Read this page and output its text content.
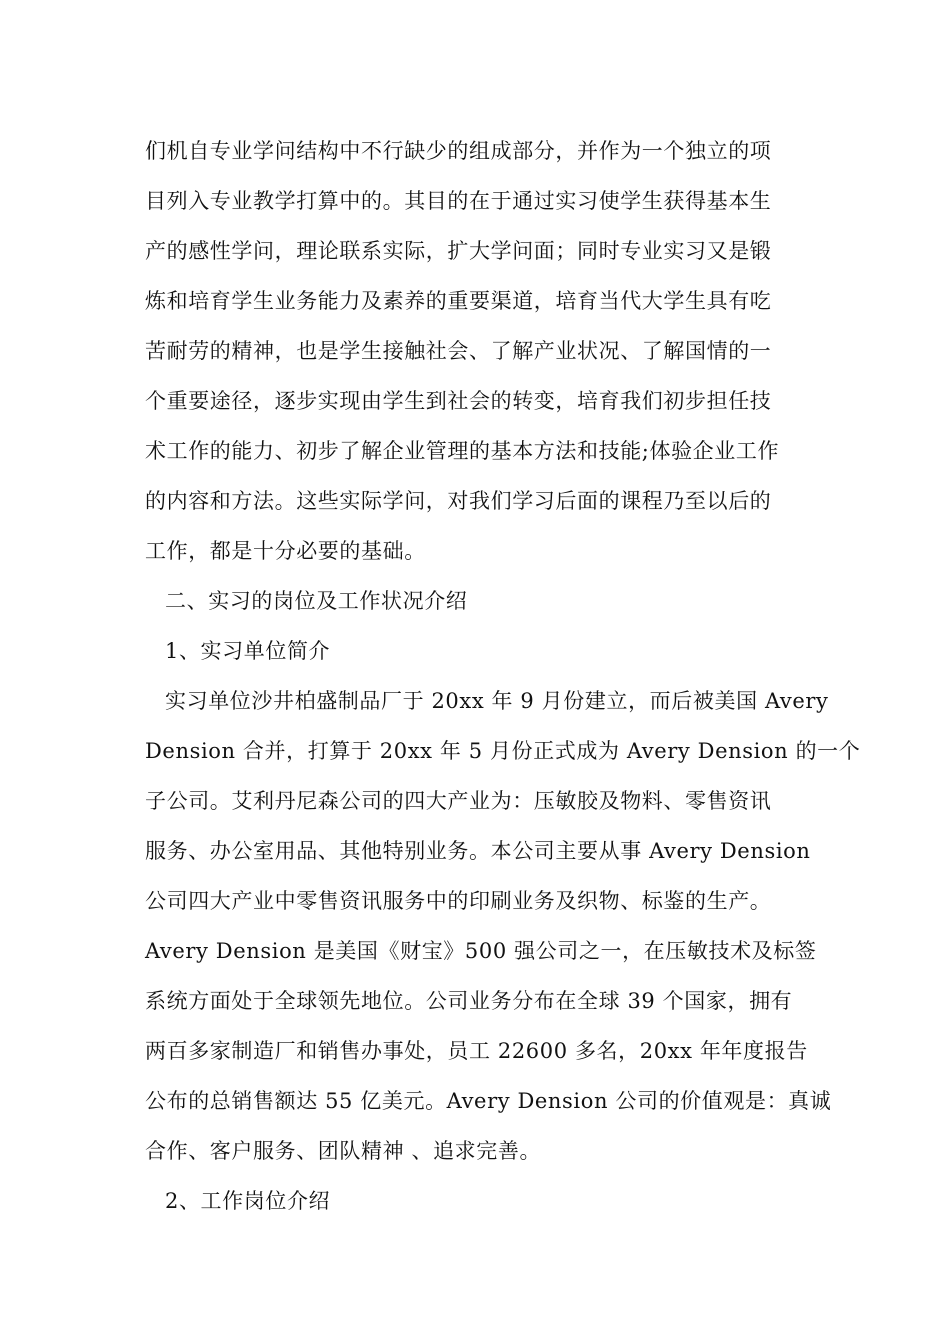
们机自专业学问结构中不行缺少的组成部分，并作为一个独立的项
目列入专业教学打算中的。其目的在于通过实习使学生获得基本生
产的感性学问，理论联系实际，扩大学问面；同时专业实习又是锻
炼和培育学生业务能力及素养的重要渠道，培育当代大学生具有吃
苦耐劳的精神，也是学生接触社会、了解产业状况、了解国情的一
个重要途径，逐步实现由学生到社会的转变，培育我们初步担任技
术工作的能力、初步了解企业管理的基本方法和技能;体验企业工作
的内容和方法。这些实际学问，对我们学习后面的课程乃至以后的
工作，都是十分必要的基础。
二、实习的岗位及工作状况介绍
1、实习单位简介
实习单位沙井柏盛制品厂于 20xx 年 9 月份建立，而后被美国 Avery
Dension 合并，打算于 20xx 年 5 月份正式成为 Avery Dension 的一个
子公司。艾利丹尼森公司的四大产业为：压敏胶及物料、零售资讯
服务、办公室用品、其他特别业务。本公司主要从事 Avery Dension
公司四大产业中零售资讯服务中的印刷业务及织物、标鉴的生产。
Avery Dension 是美国《财宝》500 强公司之一，在压敏技术及标签
系统方面处于全球领先地位。公司业务分布在全球 39 个国家，拥有
两百多家制造厂和销售办事处，员工 22600 多名，20xx 年年度报告
公布的总销售额达 55 亿美元。Avery Dension 公司的价值观是：真诚
合作、客户服务、团队精神 、追求完善。
2、工作岗位介绍
